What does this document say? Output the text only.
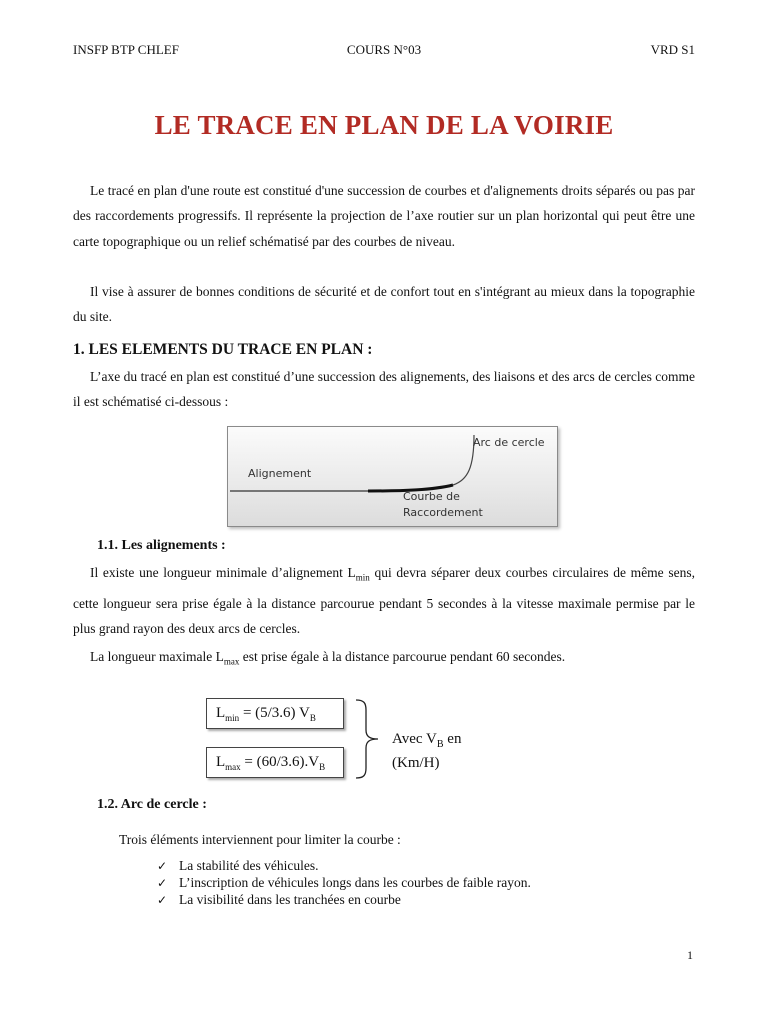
INSFP BTP CHLEF	COURS N°03	VRD S1
LE TRACE EN PLAN DE LA VOIRIE

Le tracé en plan d'une route est constitué d'une succession de courbes et d'alignements droits séparés ou pas par des raccordements progressifs. Il représente la projection de l’axe routier sur un plan horizontal qui peut être une carte topographique ou un relief schématisé par des courbes de niveau.

Il vise à assurer de bonnes conditions de sécurité et de confort tout en s'intégrant au mieux dans la topographie du site.

1. LES ELEMENTS DU TRACE EN PLAN :

L’axe du tracé en plan est constitué d’une succession des alignements, des liaisons et des arcs de cercles comme il est schématisé ci-dessous :

Alignement
Arc de cercle
Courbe de
Raccordement
1.1. Les alignements :

Il existe une longueur minimale d’alignement $L_{min}$ qui devra séparer deux courbes circulaires de même sens, cette longueur sera prise égale à la distance parcourue pendant 5 secondes à la vitesse maximale permise par le plus grand rayon des deux arcs de cercles.

La longueur maximale $L_{max}$ est prise égale à la distance parcourue pendant 60 secondes.

$L_{min} = (5/3.6)$ $V_B$
$L_{max} = (60/3.6).V_B$
Avec $V_B$ en
(Km/H)
1.2. Arc de cercle :
Trois éléments interviennent pour limiter la courbe :
✓ La stabilité des véhicules.
✓ L’inscription de véhicules longs dans les courbes de faible rayon.
✓ La visibilité dans les tranchées en courbe
1
